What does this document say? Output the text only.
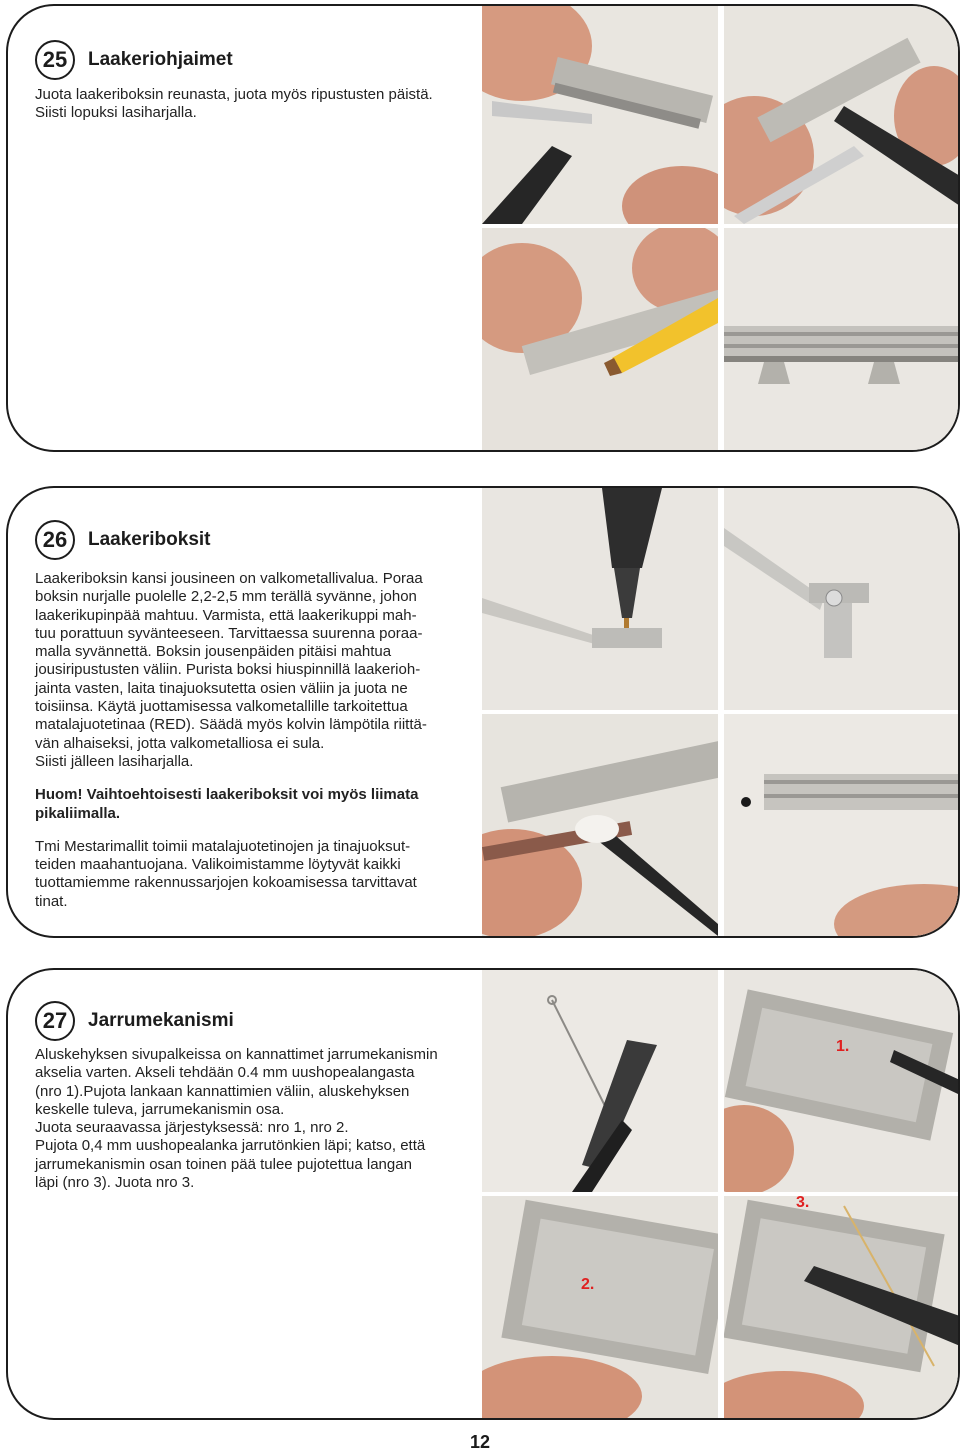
25	Laakeriohjaimet

Juota laakeriboksin reunasta, juota myös ripustusten päistä.

Siisti lopuksi lasiharjalla.

26	Laakeriboksit

Laakeriboksin kansi jousineen on valkometallivalua. Poraa

boksin nurjalle puolelle 2,2-2,5 mm terällä syvänne, johon

laakerikupinpää mahtuu. Varmista, että laakerikuppi mah-

tuu porattuun syvänteeseen. Tarvittaessa suurenna poraa-

malla syvännettä. Boksin jousenpäiden pitäisi mahtua

jousiripustusten väliin. Purista boksi hiuspinnillä laakerioh-

jainta vasten, laita tinajuoksutetta osien väliin ja juota ne

toisiinsa. Käytä juottamisessa valkometallille tarkoitettua

matalajuotetinaa (RED). Säädä myös kolvin lämpötila riittä-

vän alhaiseksi, jotta valkometalliosa ei sula.

Siisti jälleen lasiharjalla.

Huom! Vaihtoehtoisesti laakeriboksit voi myös liimata

pikaliimalla.

Tmi Mestarimallit toimii matalajuotetinojen ja tinajuoksut-

teiden maahantuojana. Valikoimistamme löytyvät kaikki

tuottamiemme rakennussarjojen kokoamisessa tarvittavat

tinat.

27	Jarrumekanismi

Aluskehyksen sivupalkeissa on kannattimet jarrumekanismin

akselia varten. Akseli tehdään 0.4 mm uushopealangasta

(nro 1).Pujota lankaan kannattimien väliin, aluskehyksen

keskelle tuleva, jarrumekanismin osa.

Juota seuraavassa järjestyksessä: nro 1, nro 2.

Pujota 0,4 mm uushopealanka jarrutönkien läpi; katso, että

jarrumekanismin osan toinen pää tulee pujotettua langan

läpi (nro 3). Juota nro 3.

1.
2.
3.
12
